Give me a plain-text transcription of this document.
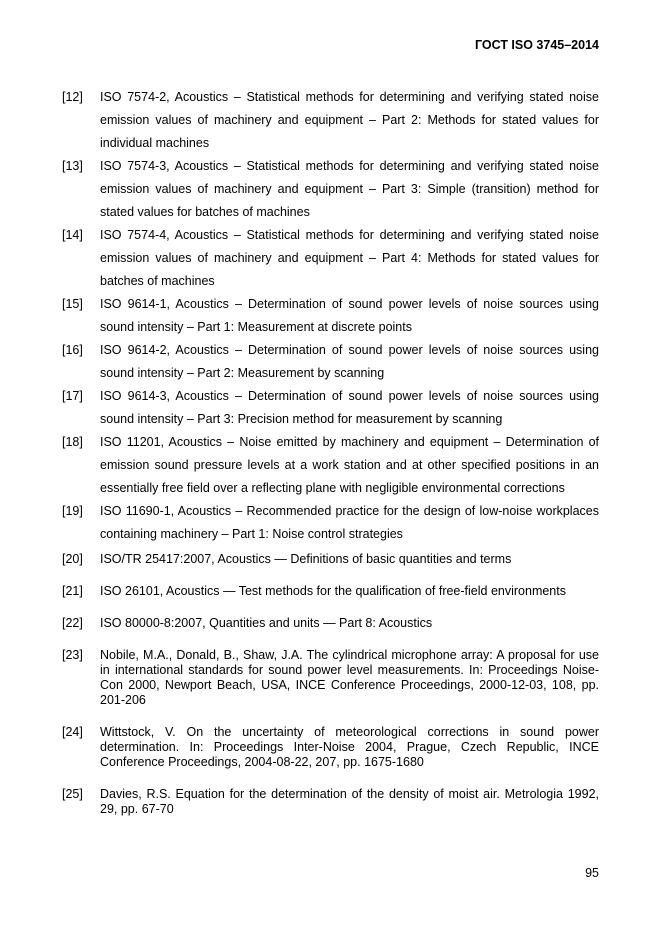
ГОСТ ISO 3745–2014
[12]	ISO 7574-2, Acoustics – Statistical methods for determining and verifying stated noise emission values of machinery and equipment – Part 2: Methods for stated values for individual machines
[13]	ISO 7574-3, Acoustics – Statistical methods for determining and verifying stated noise emission values of machinery and equipment – Part 3: Simple (transition) method for stated values for batches of machines
[14]	ISO 7574-4, Acoustics – Statistical methods for determining and verifying stated noise emission values of machinery and equipment – Part 4: Methods for stated values for batches of machines
[15]	ISO 9614-1, Acoustics – Determination of sound power levels of noise sources using sound intensity – Part 1: Measurement at discrete points
[16]	ISO 9614-2, Acoustics – Determination of sound power levels of noise sources using sound intensity – Part 2: Measurement by scanning
[17]	ISO 9614-3, Acoustics – Determination of sound power levels of noise sources using sound intensity – Part 3: Precision method for measurement by scanning
[18]	ISO 11201, Acoustics – Noise emitted by machinery and equipment – Determination of emission sound pressure levels at a work station and at other specified positions in an essentially free field over a reflecting plane with negligible environmental corrections
[19]	ISO 11690-1, Acoustics – Recommended practice for the design of low-noise workplaces containing machinery – Part 1: Noise control strategies
[20]	ISO/TR 25417:2007, Acoustics — Definitions of basic quantities and terms
[21]	ISO 26101, Acoustics — Test methods for the qualification of free-field environments
[22]	ISO 80000-8:2007, Quantities and units — Part 8: Acoustics
[23]	Nobile, M.A., Donald, B., Shaw, J.A. The cylindrical microphone array: A proposal for use in international standards for sound power level measurements. In: Proceedings Noise-Con 2000, Newport Beach, USA, INCE Conference Proceedings, 2000-12-03, 108, pp. 201-206
[24]	Wittstock, V. On the uncertainty of meteorological corrections in sound power determination. In: Proceedings Inter-Noise 2004, Prague, Czech Republic, INCE Conference Proceedings, 2004-08-22, 207, pp. 1675-1680
[25]	Davies, R.S. Equation for the determination of the density of moist air. Metrologia 1992, 29, pp. 67-70
95
